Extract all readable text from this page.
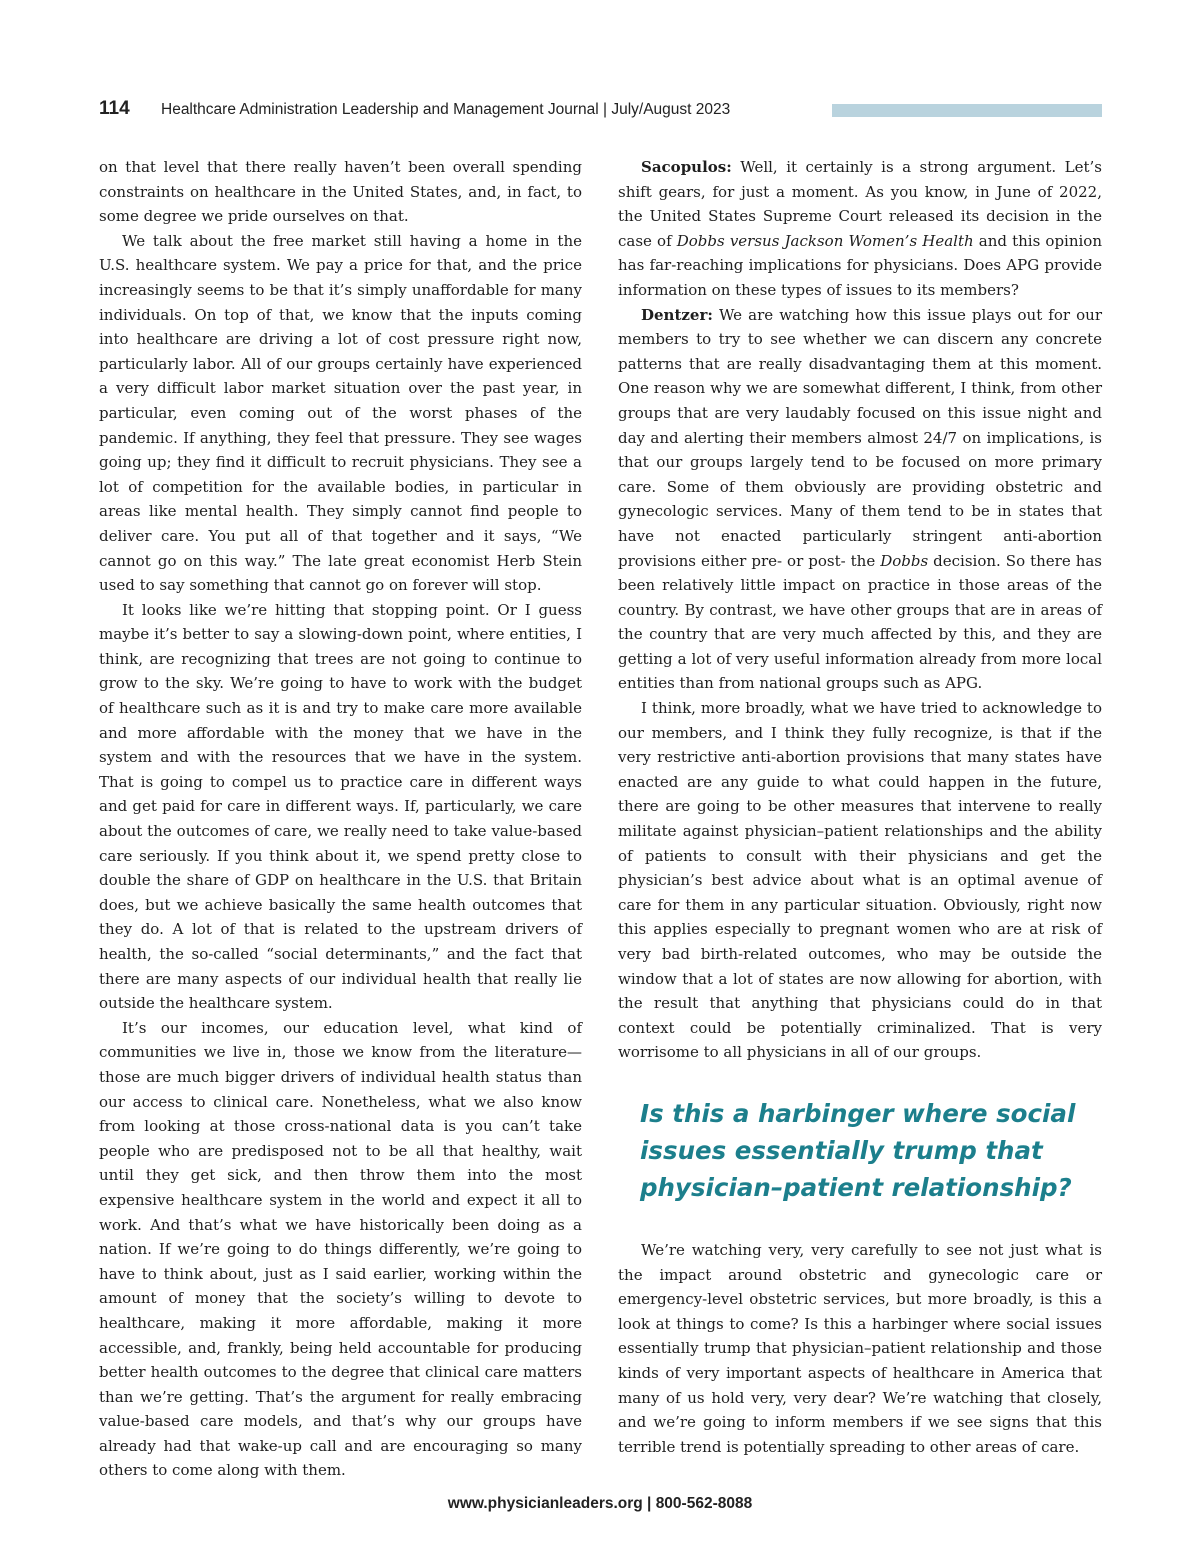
114 Healthcare Administration Leadership and Management Journal | July/August 2023

on that level that there really haven’t been overall spending constraints on healthcare in the United States, and, in fact, to some degree we pride ourselves on that.

We talk about the free market still having a home in the U.S. healthcare system. We pay a price for that, and the price increasingly seems to be that it’s simply unaffordable for many individuals. On top of that, we know that the inputs coming into healthcare are driving a lot of cost pressure right now, particularly labor. All of our groups certainly have experienced a very difficult labor market situation over the past year, in particular, even coming out of the worst phases of the pandemic. If anything, they feel that pressure. They see wages going up; they find it difficult to recruit physicians. They see a lot of competition for the available bodies, in particular in areas like mental health. They simply cannot find people to deliver care. You put all of that together and it says, “We cannot go on this way.” The late great economist Herb Stein used to say something that cannot go on forever will stop.

It looks like we’re hitting that stopping point. Or I guess maybe it’s better to say a slowing-down point, where entities, I think, are recognizing that trees are not going to continue to grow to the sky. We’re going to have to work with the budget of healthcare such as it is and try to make care more available and more affordable with the money that we have in the system and with the resources that we have in the system. That is going to compel us to practice care in different ways and get paid for care in different ways. If, particularly, we care about the outcomes of care, we really need to take value-based care seriously. If you think about it, we spend pretty close to double the share of GDP on healthcare in the U.S. that Britain does, but we achieve basically the same health outcomes that they do. A lot of that is related to the upstream drivers of health, the so-called “social determinants,” and the fact that there are many aspects of our individual health that really lie outside the healthcare system.

It’s our incomes, our education level, what kind of communities we live in, those we know from the literature—those are much bigger drivers of individual health status than our access to clinical care. Nonetheless, what we also know from looking at those cross-national data is you can’t take people who are predisposed not to be all that healthy, wait until they get sick, and then throw them into the most expensive healthcare system in the world and expect it all to work. And that’s what we have historically been doing as a nation. If we’re going to do things differently, we’re going to have to think about, just as I said earlier, working within the amount of money that the society’s willing to devote to healthcare, making it more affordable, making it more accessible, and, frankly, being held accountable for producing better health outcomes to the degree that clinical care matters than we’re getting. That’s the argument for really embracing value-based care models, and that’s why our groups have already had that wake-up call and are encouraging so many others to come along with them.

Sacopulos: Well, it certainly is a strong argument. Let’s shift gears, for just a moment. As you know, in June of 2022, the United States Supreme Court released its decision in the case of Dobbs versus Jackson Women’s Health and this opinion has far-reaching implications for physicians. Does APG provide information on these types of issues to its members?

Dentzer: We are watching how this issue plays out for our members to try to see whether we can discern any concrete patterns that are really disadvantaging them at this moment. One reason why we are somewhat different, I think, from other groups that are very laudably focused on this issue night and day and alerting their members almost 24/7 on implications, is that our groups largely tend to be focused on more primary care. Some of them obviously are providing obstetric and gynecologic services. Many of them tend to be in states that have not enacted particularly stringent anti-abortion provisions either pre- or post- the Dobbs decision. So there has been relatively little impact on practice in those areas of the country. By contrast, we have other groups that are in areas of the country that are very much affected by this, and they are getting a lot of very useful information already from more local entities than from national groups such as APG.

I think, more broadly, what we have tried to acknowledge to our members, and I think they fully recognize, is that if the very restrictive anti-abortion provisions that many states have enacted are any guide to what could happen in the future, there are going to be other measures that intervene to really militate against physician–patient relationships and the ability of patients to consult with their physicians and get the physician’s best advice about what is an optimal avenue of care for them in any particular situation. Obviously, right now this applies especially to pregnant women who are at risk of very bad birth-related outcomes, who may be outside the window that a lot of states are now allowing for abortion, with the result that anything that physicians could do in that context could be potentially criminalized. That is very worrisome to all physicians in all of our groups.

Is this a harbinger where social issues essentially trump that physician–patient relationship?

We’re watching very, very carefully to see not just what is the impact around obstetric and gynecologic care or emergency-level obstetric services, but more broadly, is this a look at things to come? Is this a harbinger where social issues essentially trump that physician–patient relationship and those kinds of very important aspects of healthcare in America that many of us hold very, very dear? We’re watching that closely, and we’re going to inform members if we see signs that this terrible trend is potentially spreading to other areas of care.

www.physicianleaders.org | 800-562-8088
